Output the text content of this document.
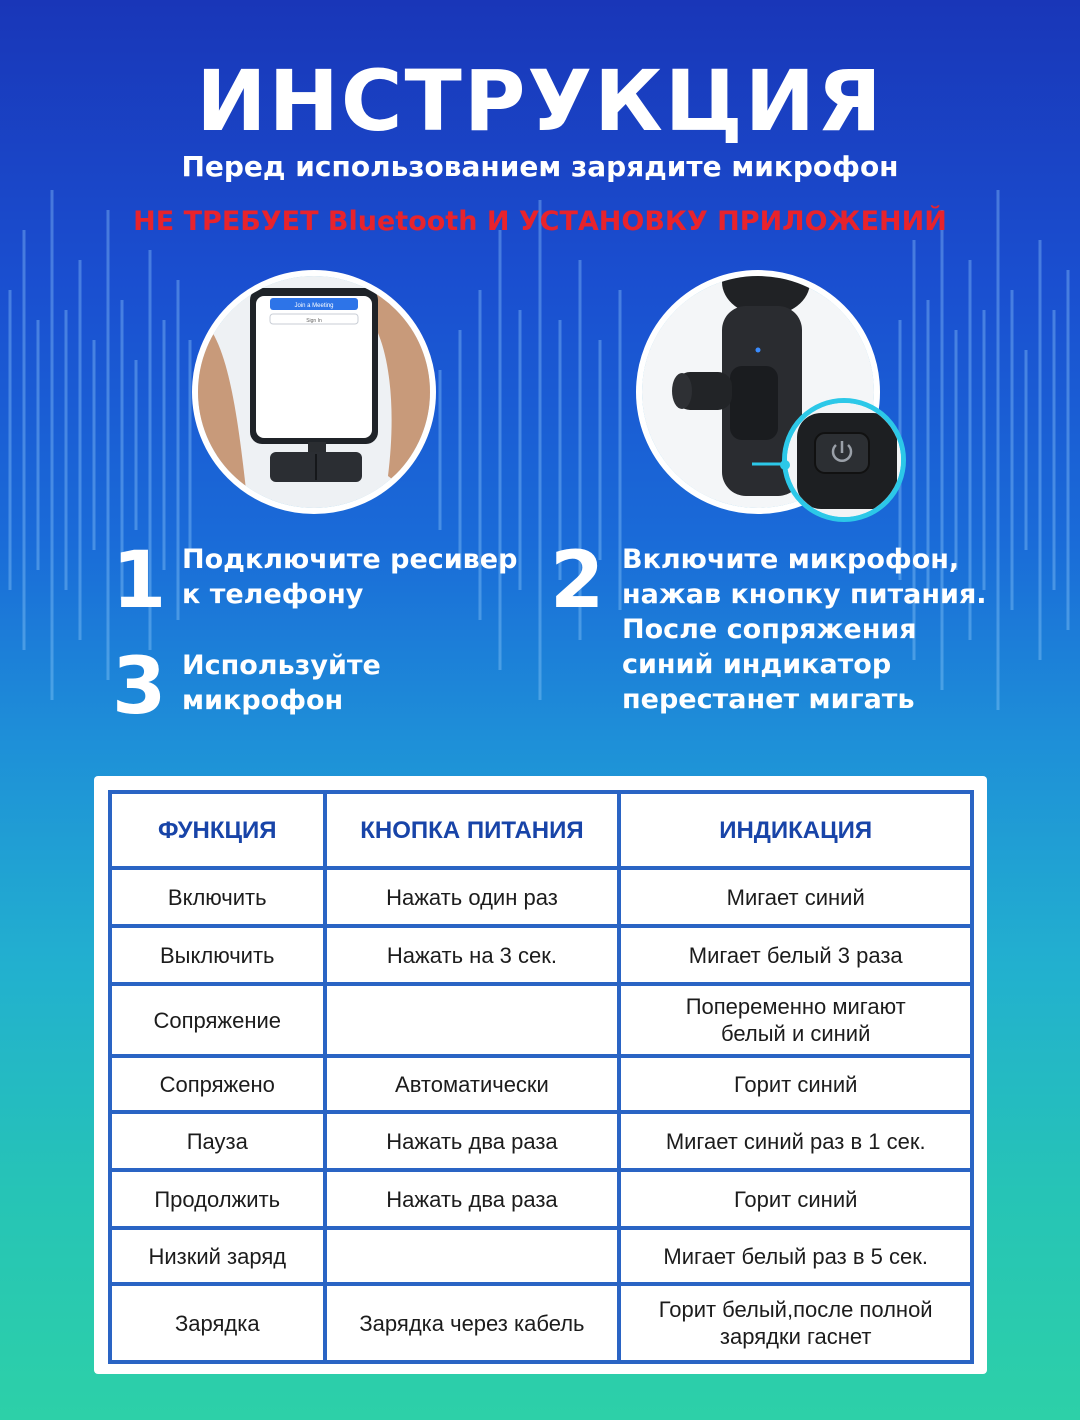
ИНСТРУКЦИЯ
Перед использованием зарядите микрофон
НЕ ТРЕБУЕТ Bluetooth И УСТАНОВКУ ПРИЛОЖЕНИЙ
Join a Meeting
Sign In
1 Подключите ресивер
к телефону	2 Включите микрофон,
нажав кнопку питания.
После сопряжения
синий индикатор
перестанет мигать
3 Используйте
микрофон
ФУНКЦИЯ	КНОПКА ПИТАНИЯ	ИНДИКАЦИЯ
Включить	Нажать один раз	Мигает синий
Выключить	Нажать на 3 сек.	Мигает белый 3 раза
Сопряжение		Попеременно мигают
белый и синий

Сопряжено	Автоматически	Горит синий
Пауза	Нажать два раза	Мигает синий раз в 1 сек.
Продолжить	Нажать два раза	Горит синий
Низкий заряд		Мигает белый раз в 5 сек.
Зарядка	Зарядка через кабель	Горит белый,после полной
зарядки гаснет
